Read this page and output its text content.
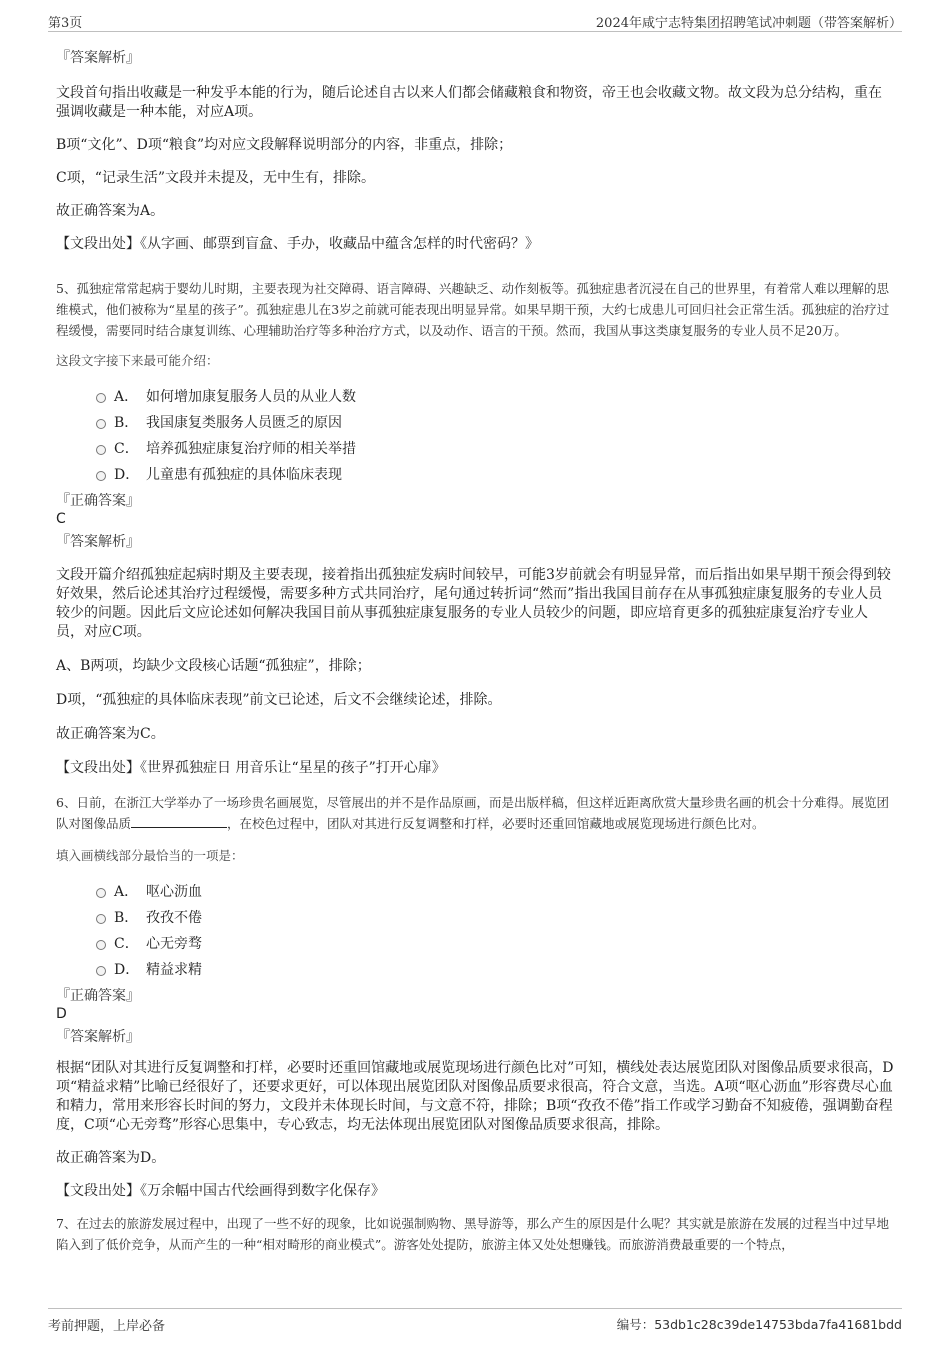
第3页	2024年咸宁志特集团招聘笔试冲刺题（带答案解析）
『答案解析』

文段首句指出收藏是一种发乎本能的行为，随后论述自古以来人们都会储藏粮食和物资，帝王也会收藏文物。故文段为总分结构，重在强调收藏是一种本能，对应A项。

B项“文化”、D项“粮食”均对应文段解释说明部分的内容，非重点，排除；

C项，“记录生活”文段并未提及，无中生有，排除。

故正确答案为A。

【文段出处】《从字画、邮票到盲盒、手办，收藏品中蕴含怎样的时代密码？》

5、孤独症常常起病于婴幼儿时期，主要表现为社交障碍、语言障碍、兴趣缺乏、动作刻板等。孤独症患者沉浸在自己的世界里，有着常人难以理解的思维模式，他们被称为“星星的孩子”。孤独症患儿在3岁之前就可能表现出明显异常。如果早期干预，大约七成患儿可回归社会正常生活。孤独症的治疗过程缓慢，需要同时结合康复训练、心理辅助治疗等多种治疗方式，以及动作、语言的干预。然而，我国从事这类康复服务的专业人员不足20万。

这段文字接下来最可能介绍：

A． 如何增加康复服务人员的从业人数
B． 我国康复类服务人员匮乏的原因
C． 培养孤独症康复治疗师的相关举措
D． 儿童患有孤独症的具体临床表现
『正确答案』
C
『答案解析』

文段开篇介绍孤独症起病时期及主要表现，接着指出孤独症发病时间较早，可能3岁前就会有明显异常，而后指出如果早期干预会得到较好效果，然后论述其治疗过程缓慢，需要多种方式共同治疗，尾句通过转折词“然而”指出我国目前存在从事孤独症康复服务的专业人员较少的问题。因此后文应论述如何解决我国目前从事孤独症康复服务的专业人员较少的问题，即应培育更多的孤独症康复治疗专业人员，对应C项。

A、B两项，均缺少文段核心话题“孤独症”，排除；

D项，“孤独症的具体临床表现”前文已论述，后文不会继续论述，排除。

故正确答案为C。

【文段出处】《世界孤独症日 用音乐让“星星的孩子”打开心扉》

6、日前，在浙江大学举办了一场珍贵名画展览，尽管展出的并不是作品原画，而是出版样稿，但这样近距离欣赏大量珍贵名画的机会十分难得。展览团队对图像品质	，在校色过程中，团队对其进行反复调整和打样，必要时还重回馆藏地或展览现场进行颜色比对。

填入画横线部分最恰当的一项是：

A． 呕心沥血
B． 孜孜不倦
C． 心无旁骛
D． 精益求精
『正确答案』
D
『答案解析』

根据“团队对其进行反复调整和打样，必要时还重回馆藏地或展览现场进行颜色比对”可知，横线处表达展览团队对图像品质要求很高，D项“精益求精”比喻已经很好了，还要求更好，可以体现出展览团队对图像品质要求很高，符合文意，当选。A项“呕心沥血”形容费尽心血和精力，常用来形容长时间的努力，文段并未体现长时间，与文意不符，排除；B项“孜孜不倦”指工作或学习勤奋不知疲倦，强调勤奋程度，C项“心无旁骛”形容心思集中，专心致志，均无法体现出展览团队对图像品质要求很高，排除。

故正确答案为D。

【文段出处】《万余幅中国古代绘画得到数字化保存》

7、在过去的旅游发展过程中，出现了一些不好的现象，比如说强制购物、黑导游等，那么产生的原因是什么呢？其实就是旅游在发展的过程当中过早地陷入到了低价竞争，从而产生的一种“相对畸形的商业模式”。游客处处提防，旅游主体又处处想赚钱。而旅游消费最重要的一个特点，

考前押题，上岸必备	编号：53db1c28c39de14753bda7fa41681bdd
